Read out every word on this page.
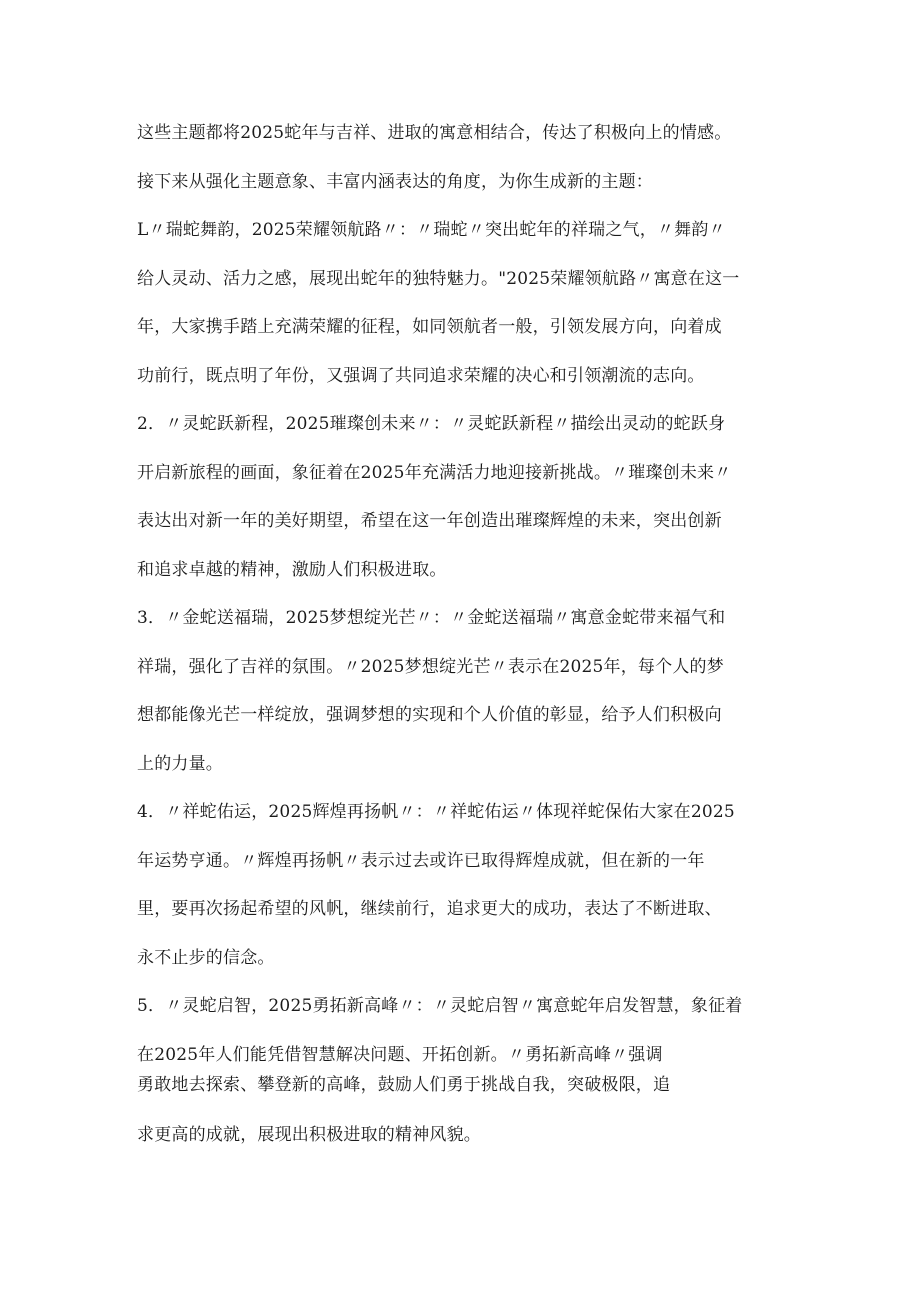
这些主题都将2025蛇年与吉祥、进取的寓意相结合，传达了积极向上的情感。
接下来从强化主题意象、丰富内涵表达的角度，为你生成新的主题：
L〃瑞蛇舞韵，2025荣耀领航路〃：〃瑞蛇〃突出蛇年的祥瑞之气，〃舞韵〃
给人灵动、活力之感，展现出蛇年的独特魅力。"2025荣耀领航路〃寓意在这一
年，大家携手踏上充满荣耀的征程，如同领航者一般，引领发展方向，向着成
功前行，既点明了年份，又强调了共同追求荣耀的决心和引领潮流的志向。
2．〃灵蛇跃新程，2025璀璨创未来〃：〃灵蛇跃新程〃描绘出灵动的蛇跃身
开启新旅程的画面，象征着在2025年充满活力地迎接新挑战。〃璀璨创未来〃
表达出对新一年的美好期望，希望在这一年创造出璀璨辉煌的未来，突出创新
和追求卓越的精神，激励人们积极进取。
3．〃金蛇送福瑞，2025梦想绽光芒〃：〃金蛇送福瑞〃寓意金蛇带来福气和
祥瑞，强化了吉祥的氛围。〃2025梦想绽光芒〃表示在2025年，每个人的梦
想都能像光芒一样绽放，强调梦想的实现和个人价值的彰显，给予人们积极向
上的力量。
4．〃祥蛇佑运，2025辉煌再扬帆〃：〃祥蛇佑运〃体现祥蛇保佑大家在2025
年运势亨通。〃辉煌再扬帆〃表示过去或许已取得辉煌成就，但在新的一年
里，要再次扬起希望的风帆，继续前行，追求更大的成功，表达了不断进取、
永不止步的信念。
5．〃灵蛇启智，2025勇拓新高峰〃：〃灵蛇启智〃寓意蛇年启发智慧，象征着
在2025年人们能凭借智慧解决问题、开拓创新。〃勇拓新高峰〃强调
勇敢地去探索、攀登新的高峰，鼓励人们勇于挑战自我，突破极限，追
求更高的成就，展现出积极进取的精神风貌。
